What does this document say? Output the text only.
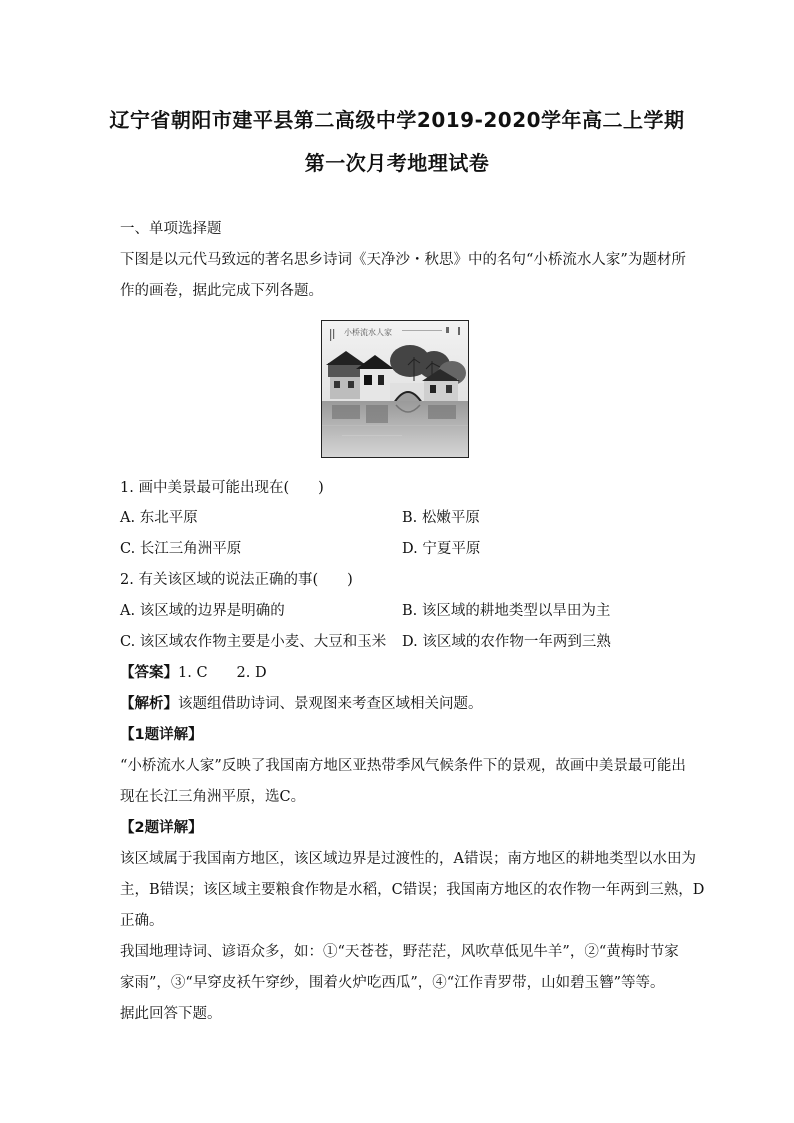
辽宁省朝阳市建平县第二高级中学2019-2020学年高二上学期
第一次月考地理试卷
一、单项选择题
下图是以元代马致远的著名思乡诗词《天净沙・秋思》中的名句“小桥流水人家”为题材所
作的画卷，据此完成下列各题。
小桥流水人家
1. 画中美景最可能出现在(　　)
A. 东北平原	B. 松嫩平原
C. 长江三角洲平原	D. 宁夏平原
2. 有关该区域的说法正确的事(　　)
A. 该区域的边界是明确的	B. 该区域的耕地类型以旱田为主
C. 该区域农作物主要是小麦、大豆和玉米 D. 该区域的农作物一年两到三熟
【答案】1. C　　2. D
【解析】该题组借助诗词、景观图来考查区域相关问题。
【1题详解】
“小桥流水人家”反映了我国南方地区亚热带季风气候条件下的景观，故画中美景最可能出
现在长江三角洲平原，选C。
【2题详解】
该区域属于我国南方地区，该区域边界是过渡性的，A错误；南方地区的耕地类型以水田为
主，B错误；该区域主要粮食作物是水稻，C错误；我国南方地区的农作物一年两到三熟，D
正确。
我国地理诗词、谚语众多，如：①“天苍苍，野茫茫，风吹草低见牛羊”，②“黄梅时节家
家雨”，③“早穿皮袄午穿纱，围着火炉吃西瓜”，④“江作青罗带，山如碧玉簪”等等。
据此回答下题。
